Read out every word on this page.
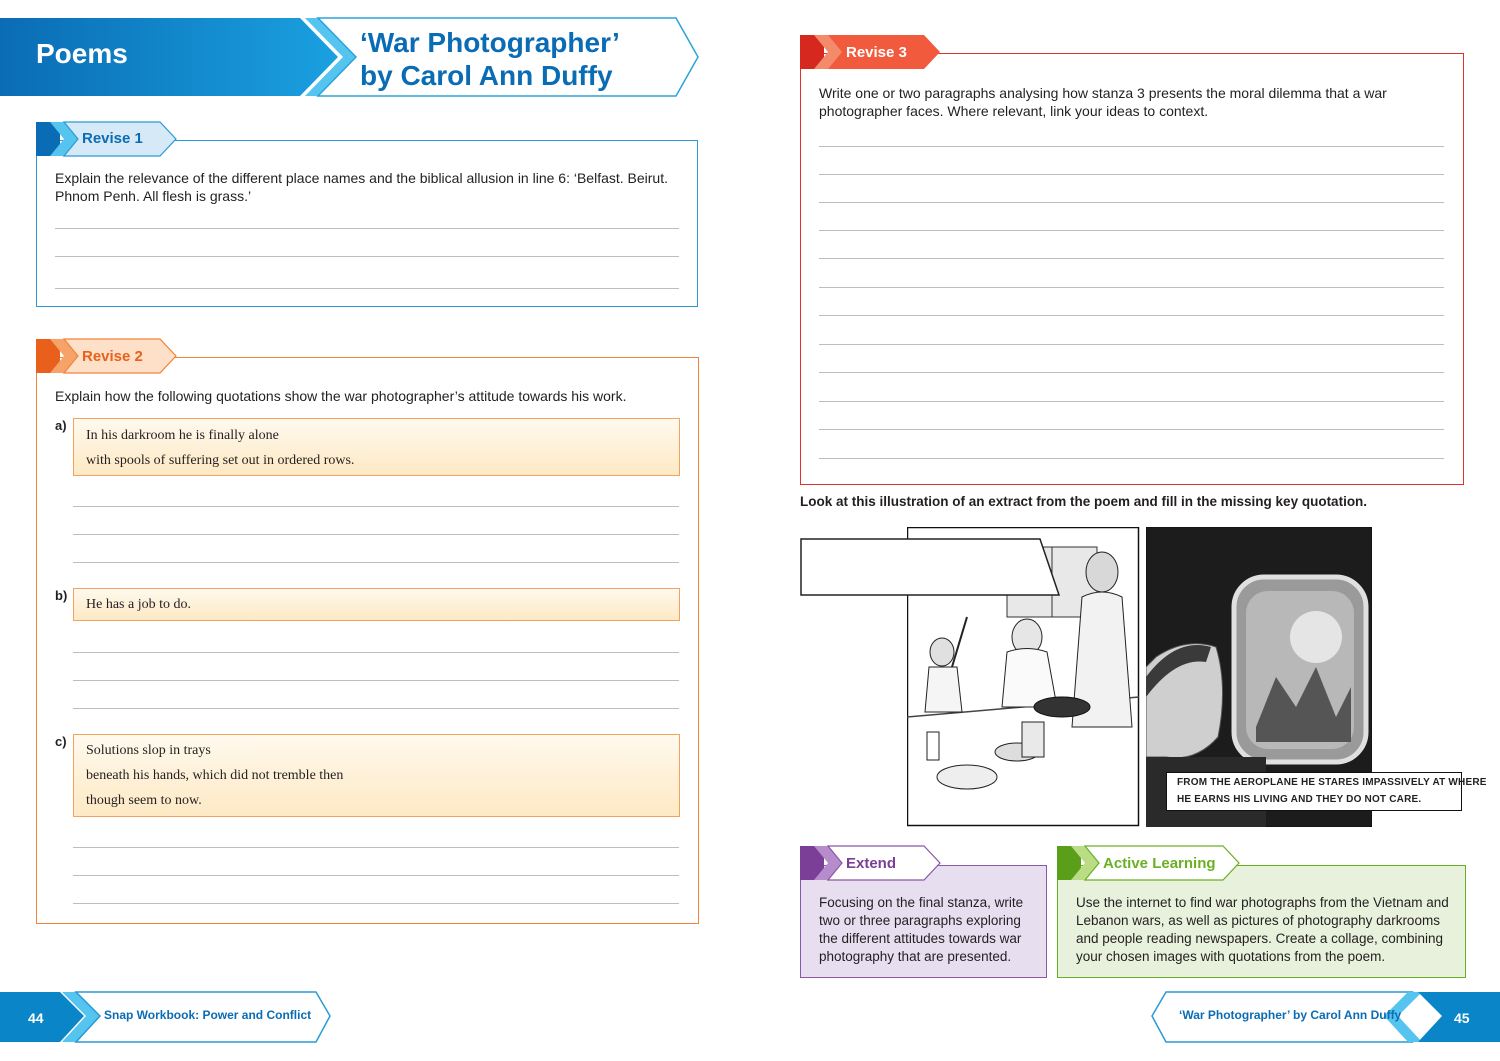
Poems	‘War Photographer’
by Carol Ann Duffy
Revise 1
Explain the relevance of the different place names and the biblical allusion in line 6: ‘Belfast. Beirut. Phnom Penh. All flesh is grass.’
Revise 2
Explain how the following quotations show the war photographer’s attitude towards his work.
a)
In his darkroom he is finally alone
with spools of suffering set out in ordered rows.
b)
He has a job to do.
c)
Solutions slop in trays
beneath his hands, which did not tremble then
though seem to now.
44	Snap Workbook: Power and Conflict
Revise 3
Write one or two paragraphs analysing how stanza 3 presents the moral dilemma that a war photographer faces. Where relevant, link your ideas to context.
Look at this illustration of an extract from the poem and fill in the missing key quotation.
FROM THE AEROPLANE HE STARES IMPASSIVELY AT WHERE
HE EARNS HIS LIVING AND THEY DO NOT CARE.
Extend
Focusing on the final stanza, write two or three paragraphs exploring the different attitudes towards war photography that are presented.
Active Learning
Use the internet to find war photographs from the Vietnam and Lebanon wars, as well as pictures of photography darkrooms and people reading newspapers. Create a collage, combining your chosen images with quotations from the poem.
‘War Photographer’ by Carol Ann Duffy	45
